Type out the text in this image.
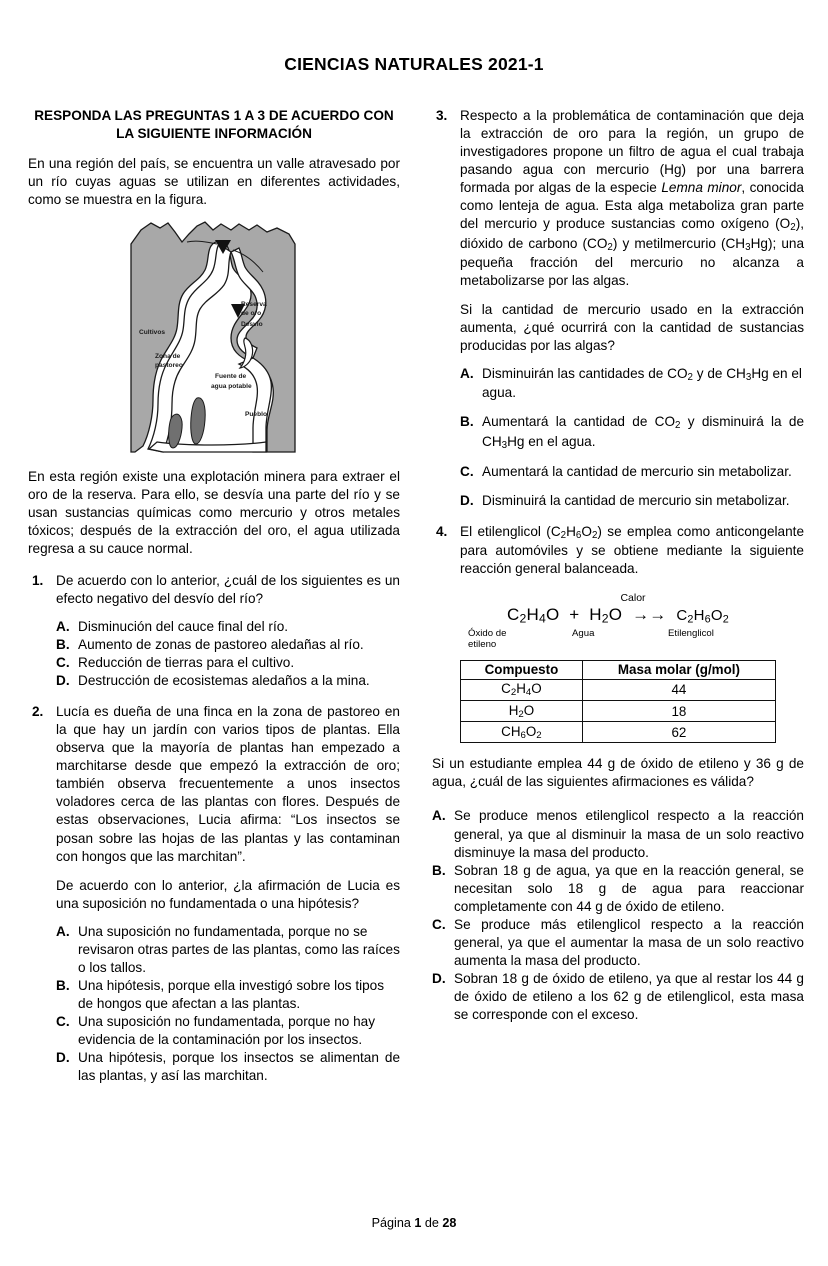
CIENCIAS NATURALES 2021-1
RESPONDA LAS PREGUNTAS 1 A 3 DE ACUERDO CON LA SIGUIENTE INFORMACIÓN

En una región del país, se encuentra un valle atravesado por un río cuyas aguas se utilizan en diferentes actividades, como se muestra en la figura.

Reserva
de oro
Desvío
Cultivos
Zona de
pastoreo
Fuente de
agua potable
Pueblo

En esta región existe una explotación minera para extraer el oro de la reserva. Para ello, se desvía una parte del río y se usan sustancias químicas como mercurio y otros metales tóxicos; después de la extracción del oro, el agua utilizada regresa a su cauce normal.

1. De acuerdo con lo anterior, ¿cuál de los siguientes es un efecto negativo del desvío del río?

A. Disminución del cauce final del río.
B. Aumento de zonas de pastoreo aledañas al río.
C. Reducción de tierras para el cultivo.
D. Destrucción de ecosistemas aledaños a la mina.
2. Lucía es dueña de una finca en la zona de pastoreo en la que hay un jardín con varios tipos de plantas. Ella observa que la mayoría de plantas han empezado a marchitarse desde que empezó la extracción de oro; también observa frecuentemente a unos insectos voladores cerca de las plantas con flores. Después de estas observaciones, Lucia afirma: “Los insectos se posan sobre las hojas de las plantas y las contaminan con hongos que las marchitan”.

De acuerdo con lo anterior, ¿la afirmación de Lucia es una suposición no fundamentada o una hipótesis?

A. Una suposición no fundamentada, porque no se revisaron otras partes de las plantas, como las raíces o los tallos.
B. Una hipótesis, porque ella investigó sobre los tipos de hongos que afectan a las plantas.
C. Una suposición no fundamentada, porque no hay evidencia de la contaminación por los insectos.
D. Una hipótesis, porque los insectos se alimentan de las plantas, y así las marchitan.
3. Respecto a la problemática de contaminación que deja la extracción de oro para la región, un grupo de investigadores propone un filtro de agua el cual trabaja pasando agua con mercurio (Hg) por una barrera formada por algas de la especie Lemna minor, conocida como lenteja de agua. Esta alga metaboliza gran parte del mercurio y produce sustancias como oxígeno $(O_2)$, dióxido de carbono $(CO_2)$ y metilmercurio $(CH_3Hg)$; una pequeña fracción del mercurio no alcanza a metabolizarse por las algas.

Si la cantidad de mercurio usado en la extracción aumenta, ¿qué ocurrirá con la cantidad de sustancias producidas por las algas?

A. Disminuirán las cantidades de $CO_2$ y de $CH_3Hg$ en el agua.
B. Aumentará la cantidad de $CO_2$ y disminuirá la de $CH_3Hg$ en el agua.
C. Aumentará la cantidad de mercurio sin metabolizar.
D. Disminuirá la cantidad de mercurio sin metabolizar.
4. El etilenglicol $(C_2H_6O_2)$ se emplea como anticongelante para automóviles y se obtiene mediante la siguiente reacción general balanceada.

Calor
$C_2H_4O + H_2O \to\to C_2H_6O_2$
Óxido de
etileno
Agua	Etilenglicol
Compuesto	Masa molar (g/mol)
$C_2H_4O$	44
$H_2O$	18
$CH_6O_2$	62

Si un estudiante emplea 44 g de óxido de etileno y 36 g de agua, ¿cuál de las siguientes afirmaciones es válida?

A. Se produce menos etilenglicol respecto a la reacción general, ya que al disminuir la masa de un solo reactivo disminuye la masa del producto.
B. Sobran 18 g de agua, ya que en la reacción general, se necesitan solo 18 g de agua para reaccionar completamente con 44 g de óxido de etileno.
C. Se produce más etilenglicol respecto a la reacción general, ya que el aumentar la masa de un solo reactivo aumenta la masa del producto.
D. Sobran 18 g de óxido de etileno, ya que al restar los 44 g de óxido de etileno a los 62 g de etilenglicol, esta masa se corresponde con el exceso.
Página 1 de 28
